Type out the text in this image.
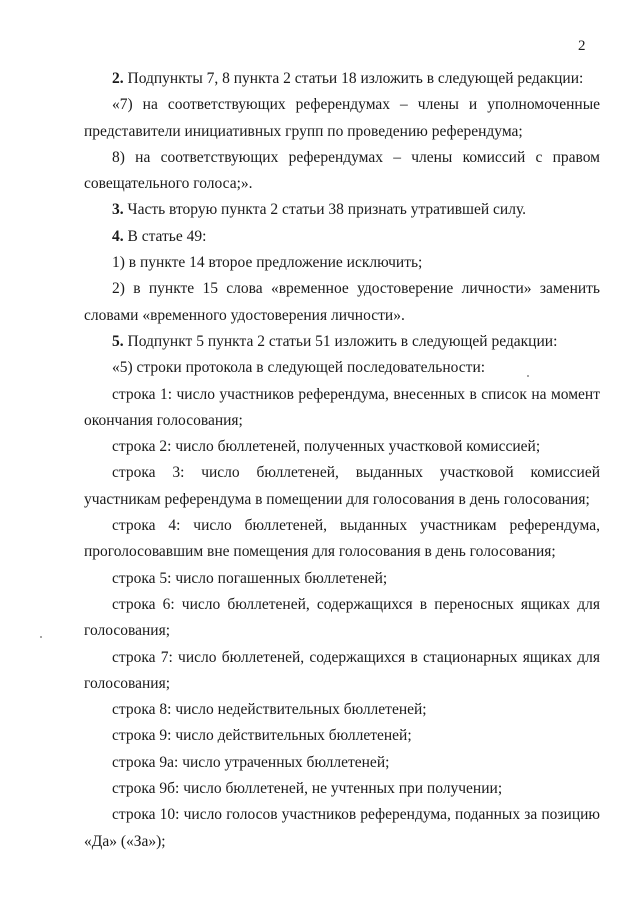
2

2. Подпункты 7, 8 пункта 2 статьи 18 изложить в следующей редакции:

«7) на соответствующих референдумах – члены и уполномоченные представители инициативных групп по проведению референдума;

8) на соответствующих референдумах – члены комиссий с правом совещательного голоса;».

3. Часть вторую пункта 2 статьи 38 признать утратившей силу.

4. В статье 49:

1) в пункте 14 второе предложение исключить;

2) в пункте 15 слова «временное удостоверение личности» заменить словами «временного удостоверения личности».

5. Подпункт 5 пункта 2 статьи 51 изложить в следующей редакции:

«5) строки протокола в следующей последовательности:

строка 1: число участников референдума, внесенных в список на момент окончания голосования;

строка 2: число бюллетеней, полученных участковой комиссией;

строка 3: число бюллетеней, выданных участковой комиссией участникам референдума в помещении для голосования в день голосования;

строка 4: число бюллетеней, выданных участникам референдума, проголосовавшим вне помещения для голосования в день голосования;

строка 5: число погашенных бюллетеней;

строка 6: число бюллетеней, содержащихся в переносных ящиках для голосования;

строка 7: число бюллетеней, содержащихся в стационарных ящиках для голосования;

строка 8: число недействительных бюллетеней;

строка 9: число действительных бюллетеней;

строка 9а: число утраченных бюллетеней;

строка 9б: число бюллетеней, не учтенных при получении;

строка 10: число голосов участников референдума, поданных за позицию «Да» («За»);
